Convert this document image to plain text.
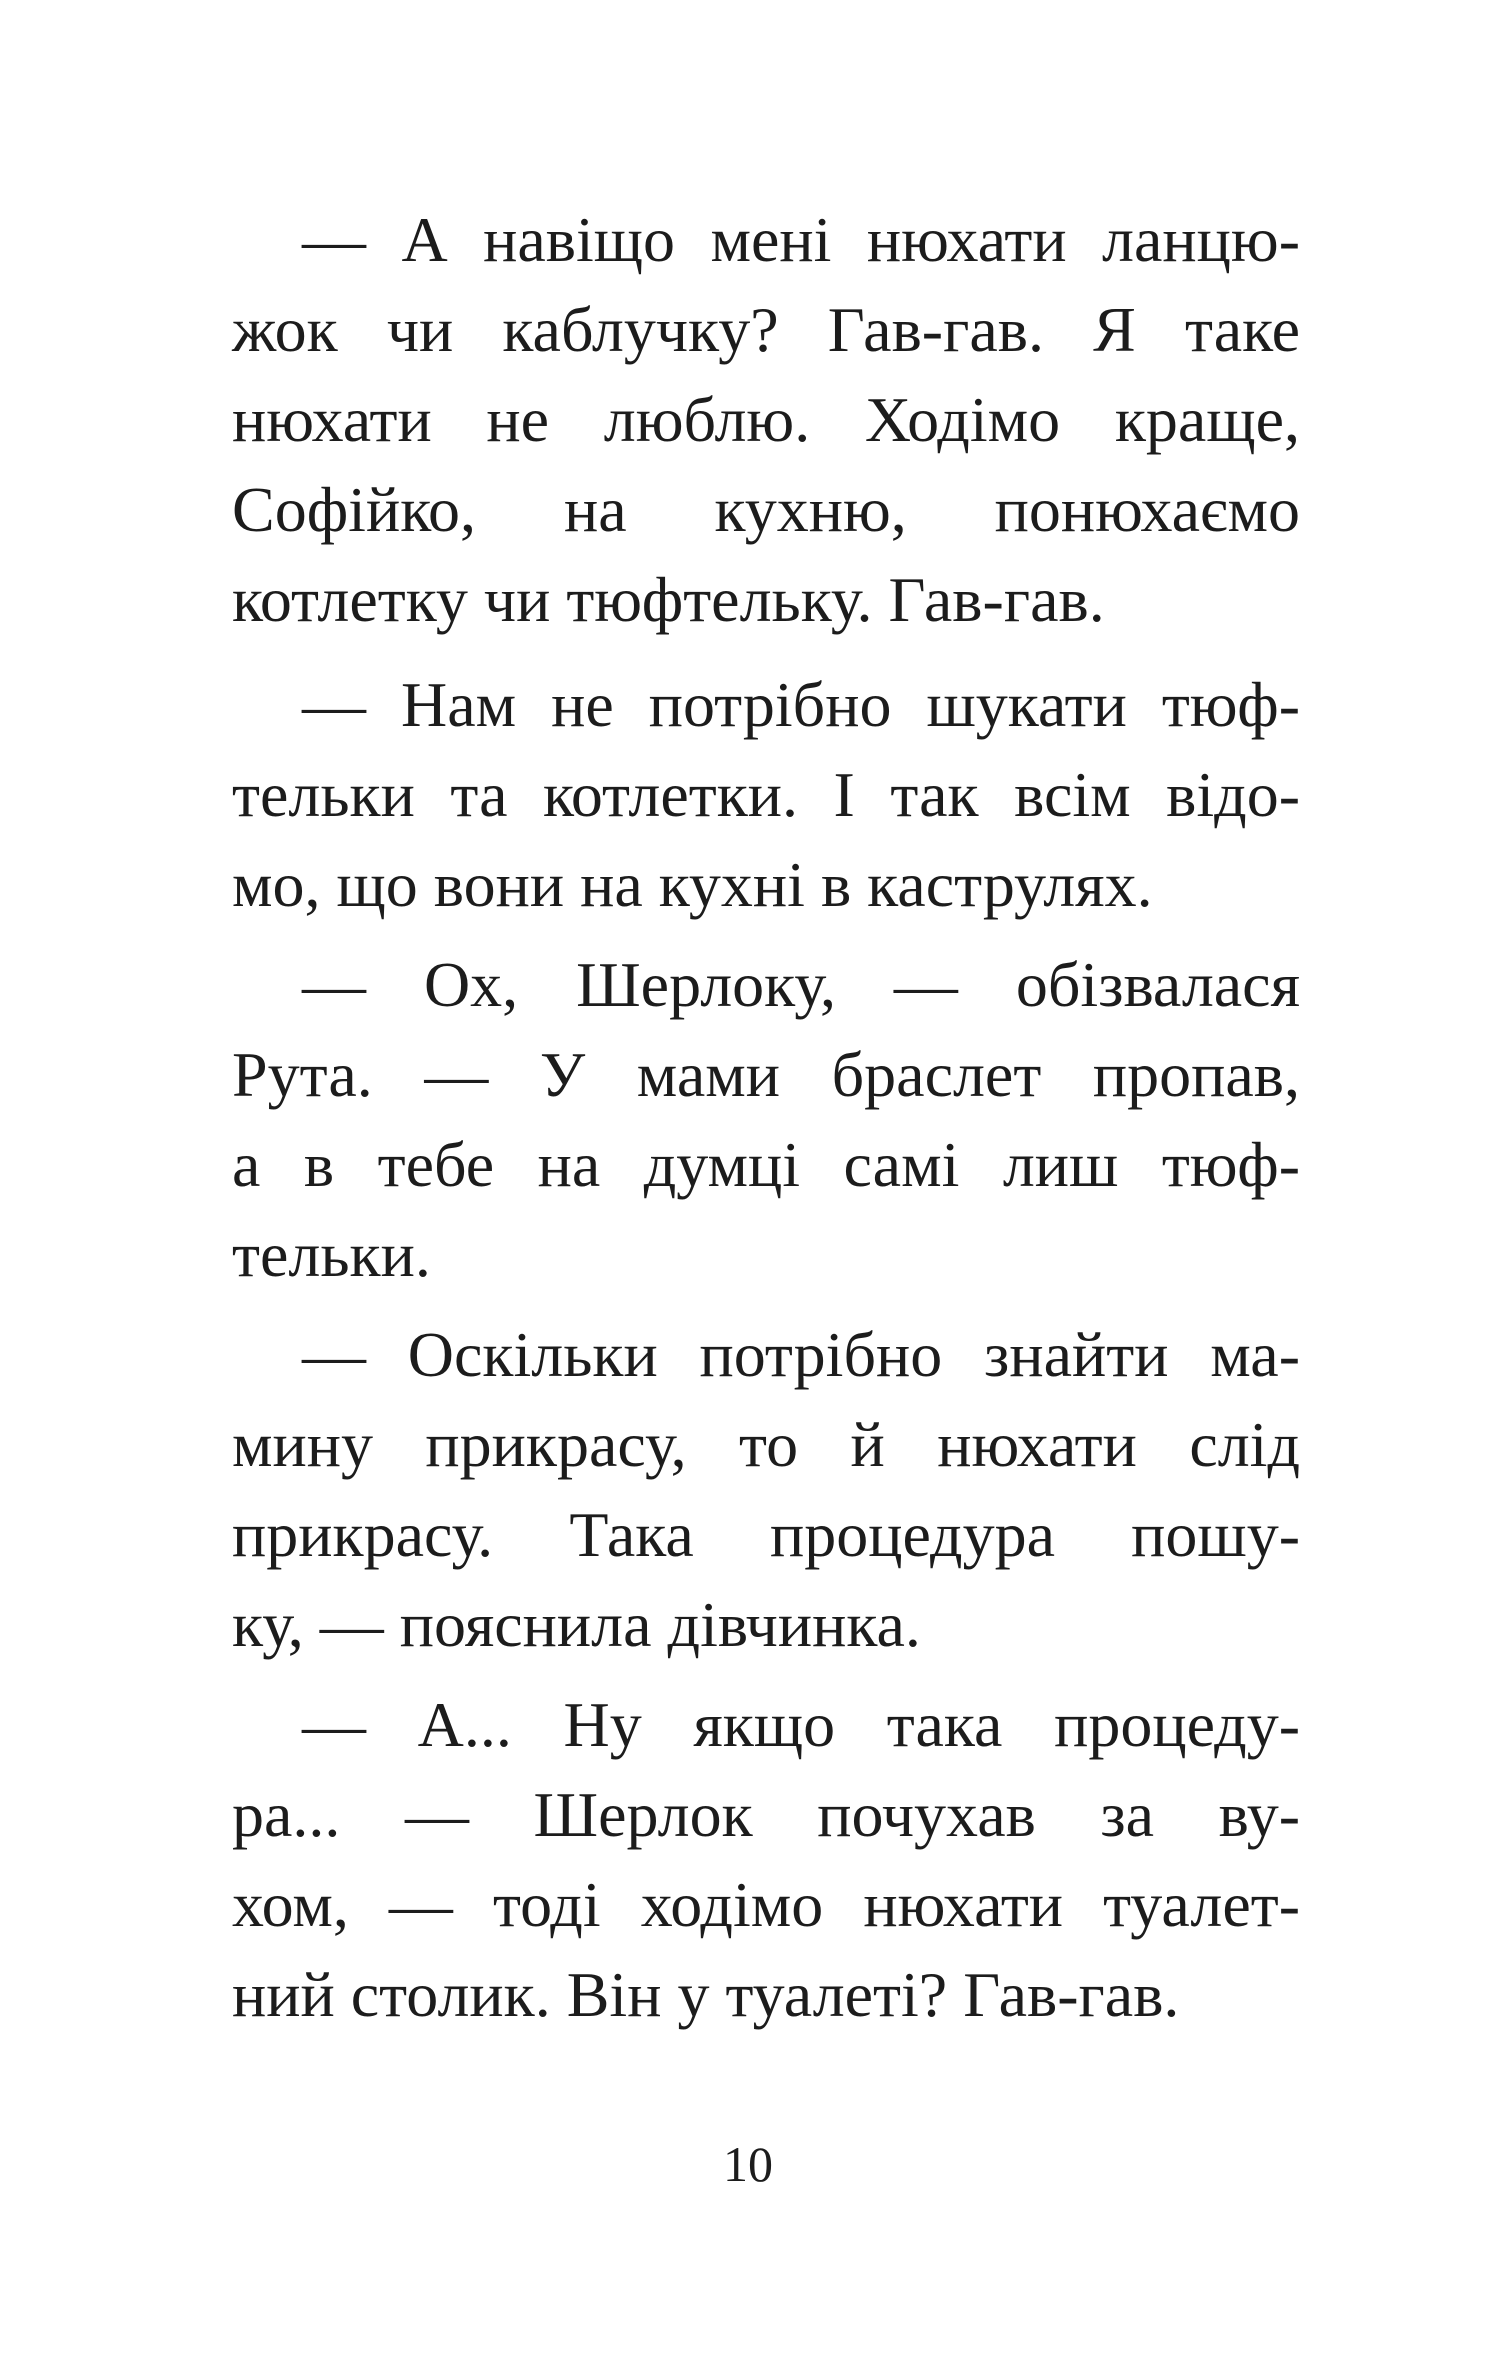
— А навіщо мені нюхати ланцю-
жок чи каблучку? Гав-гав. Я таке
нюхати не люблю. Ходімо краще,
Софійко, на кухню, понюхаємо
котлетку чи тюфтельку. Гав-гав.
— Нам не потрібно шукати тюф-
тельки та котлетки. І так всім відо-
мо, що вони на кухні в каструлях.
— Ох, Шерлоку, — обізвалася
Рута. — У мами браслет пропав,
а в тебе на думці самі лиш тюф-
тельки.
— Оскільки потрібно знайти ма-
мину прикрасу, то й нюхати слід
прикрасу. Така процедура пошу-
ку, — пояснила дівчинка.
— А... Ну якщо така процеду-
ра... — Шерлок почухав за ву-
хом, — тоді ходімо нюхати туалет-
ний столик. Він у туалеті? Гав-гав.
10
